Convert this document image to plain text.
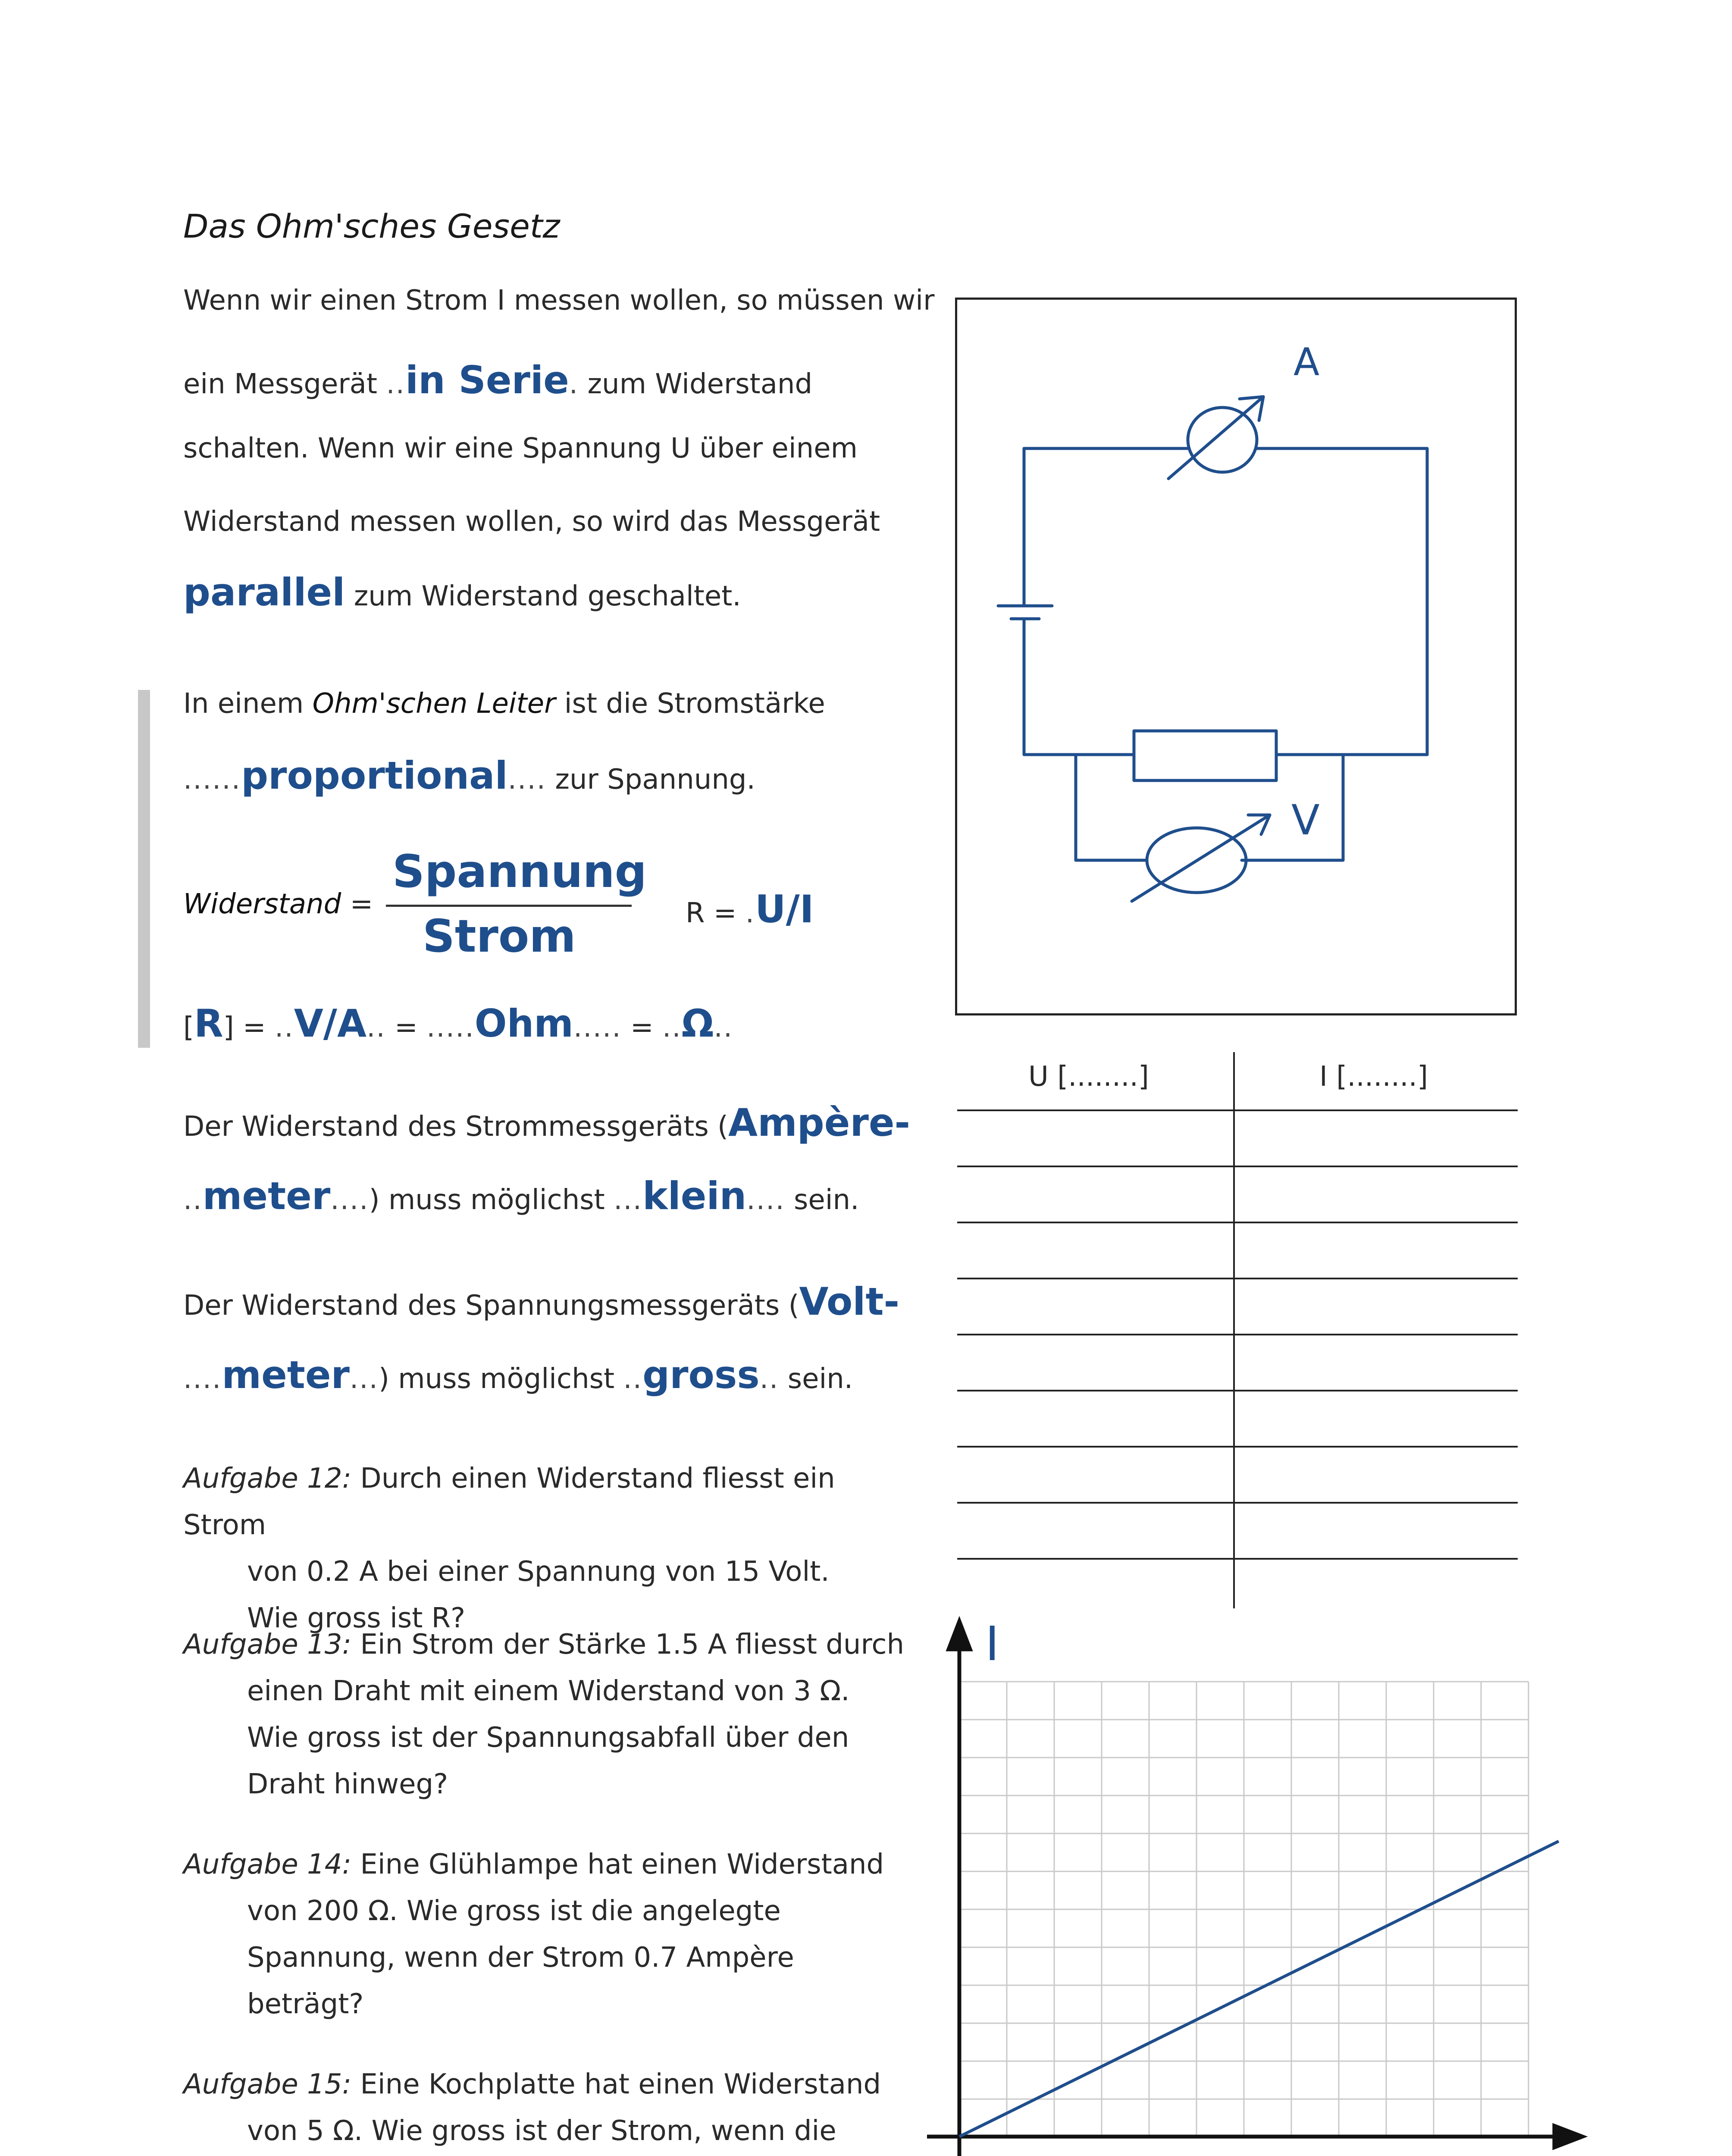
Das Ohm'sches Gesetz
Wenn wir einen Strom I messen wollen, so müssen wir
ein Messgerät ..in Serie. zum Widerstand
schalten. Wenn wir eine Spannung U über einem
Widerstand messen wollen, so wird das Messgerät
parallel zum Widerstand geschaltet.
In einem Ohm'schen Leiter ist die Stromstärke
......proportional.... zur Spannung.
Widerstand =
Spannung
Strom	R = .U/I
[R] = ..V/A.. = .....Ohm..... = ..Ω..
Der Widerstand des Strommessgeräts (Ampère-
..meter....) muss möglichst ...klein.... sein.
Der Widerstand des Spannungsmessgeräts (Volt-
....meter...) muss möglichst ..gross.. sein.
Aufgabe 12: Durch einen Widerstand fliesst ein Strom
von 0.2 A bei einer Spannung von 15 Volt.
Wie gross ist R?
Aufgabe 13: Ein Strom der Stärke 1.5 A fliesst durch
einen Draht mit einem Widerstand von 3 Ω.
Wie gross ist der Spannungsabfall über den
Draht hinweg?
Aufgabe 14: Eine Glühlampe hat einen Widerstand
von 200 Ω. Wie gross ist die angelegte
Spannung, wenn der Strom 0.7 Ampère
beträgt?
Aufgabe 15: Eine Kochplatte hat einen Widerstand
von 5 Ω. Wie gross ist der Strom, wenn die
A
V
U [........]	I [........]
I
